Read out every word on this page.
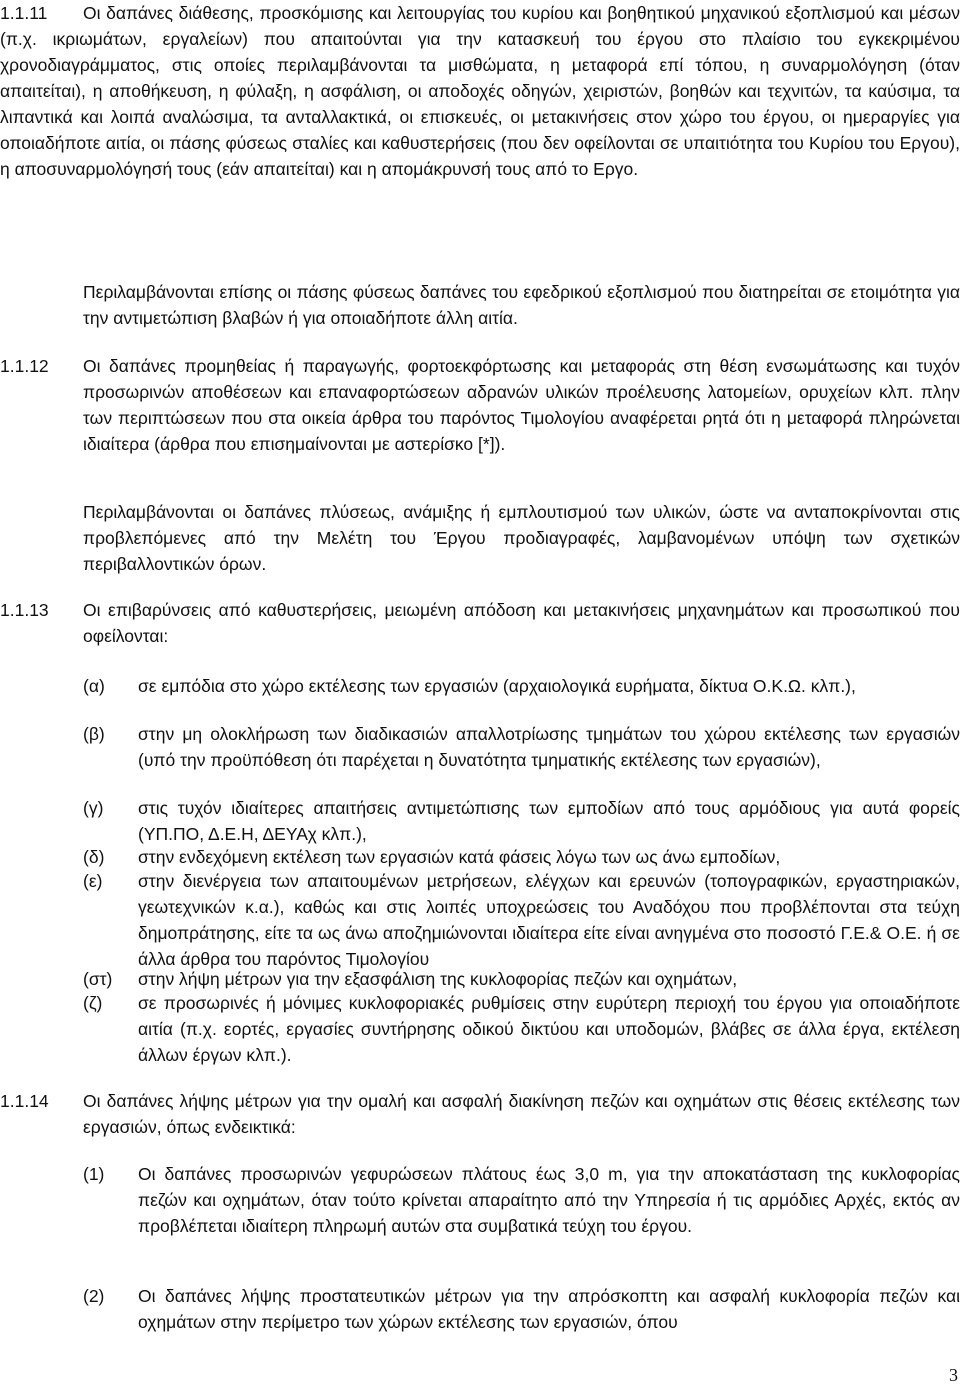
Οι δαπάνες διάθεσης, προσκόμισης και λειτουργίας του κυρίου και βοηθητικού μηχανικού εξοπλισμού και μέσων (π.χ. ικριωμάτων, εργαλείων) που απαιτούνται για την κατασκευή του έργου στο πλαίσιο του εγκεκριμένου χρονοδιαγράμματος, στις οποίες περιλαμβάνονται τα μισθώματα, η μεταφορά επί τόπου, η συναρμολόγηση (όταν απαιτείται), η αποθήκευση, η φύλαξη, η ασφάλιση, οι αποδοχές οδηγών, χειριστών, βοηθών και τεχνιτών, τα καύσιμα, τα λιπαντικά και λοιπά αναλώσιμα, τα ανταλλακτικά, οι επισκευές, οι μετακινήσεις στον χώρο του έργου, οι ημεραργίες για οποιαδήποτε αιτία, οι πάσης φύσεως σταλίες και καθυστερήσεις (που δεν οφείλονται σε υπαιτιότητα του Κυρίου του Εργου), η αποσυναρμολόγησή τους (εάν απαιτείται) και η απομάκρυνσή τους από το Εργο.
1.1.11
Περιλαμβάνονται επίσης οι πάσης φύσεως δαπάνες του εφεδρικού εξοπλισμού που διατηρείται σε ετοιμότητα για την αντιμετώπιση βλαβών ή για οποιαδήποτε άλλη αιτία.
1.1.12 Οι δαπάνες προμηθείας ή παραγωγής, φορτοεκφόρτωσης και μεταφοράς στη θέση ενσωμάτωσης και τυχόν προσωρινών αποθέσεων και επαναφορτώσεων αδρανών υλικών προέλευσης λατομείων, ορυχείων κλπ. πλην των περιπτώσεων που στα οικεία άρθρα του παρόντος Τιμολογίου αναφέρεται ρητά ότι η μεταφορά πληρώνεται ιδιαίτερα (άρθρα που επισημαίνονται με αστερίσκο [*]).
Περιλαμβάνονται οι δαπάνες πλύσεως, ανάμιξης ή εμπλουτισμού των υλικών, ώστε να ανταποκρίνονται στις προβλεπόμενες από την Μελέτη του Έργου προδιαγραφές, λαμβανομένων υπόψη των σχετικών περιβαλλοντικών όρων.
1.1.13 Οι επιβαρύνσεις από καθυστερήσεις, μειωμένη απόδοση και μετακινήσεις μηχανημάτων και προσωπικού που οφείλονται:
(α) σε εμπόδια στο χώρο εκτέλεσης των εργασιών (αρχαιολογικά ευρήματα, δίκτυα Ο.Κ.Ω. κλπ.),
(β) στην μη ολοκλήρωση των διαδικασιών απαλλοτρίωσης τμημάτων του χώρου εκτέλεσης των εργασιών (υπό την προϋπόθεση ότι παρέχεται η δυνατότητα τμηματικής εκτέλεσης των εργασιών),
(γ) στις τυχόν ιδιαίτερες απαιτήσεις αντιμετώπισης των εμποδίων από τους αρμόδιους για αυτά φορείς (ΥΠ.ΠΟ, Δ.Ε.Η, ΔΕΥΑχ κλπ.),
(δ) στην ενδεχόμενη εκτέλεση των εργασιών κατά φάσεις λόγω των ως άνω εμποδίων,
(ε) στην διενέργεια των απαιτουμένων μετρήσεων, ελέγχων και ερευνών (τοπογραφικών, εργαστηριακών, γεωτεχνικών κ.α.), καθώς και στις λοιπές υποχρεώσεις του Αναδόχου που προβλέπονται στα τεύχη δημοπράτησης, είτε τα ως άνω αποζημιώνονται ιδιαίτερα είτε είναι ανηγμένα στο ποσοστό Γ.Ε.& Ο.Ε. ή σε άλλα άρθρα του παρόντος Τιμολογίου
(στ) στην λήψη μέτρων για την εξασφάλιση της κυκλοφορίας πεζών και οχημάτων,
(ζ) σε προσωρινές ή μόνιμες κυκλοφοριακές ρυθμίσεις στην ευρύτερη περιοχή του έργου για οποιαδήποτε αιτία (π.χ. εορτές, εργασίες συντήρησης οδικού δικτύου και υποδομών, βλάβες σε άλλα έργα, εκτέλεση άλλων έργων κλπ.).
1.1.14 Οι δαπάνες λήψης μέτρων για την ομαλή και ασφαλή διακίνηση πεζών και οχημάτων στις θέσεις εκτέλεσης των εργασιών, όπως ενδεικτικά:
(1) Οι δαπάνες προσωρινών γεφυρώσεων πλάτους έως 3,0 m, για την αποκατάσταση της κυκλοφορίας πεζών και οχημάτων, όταν τούτο κρίνεται απαραίτητο από την Υπηρεσία ή τις αρμόδιες Αρχές, εκτός αν προβλέπεται ιδιαίτερη πληρωμή αυτών στα συμβατικά τεύχη του έργου.
(2) Οι δαπάνες λήψης προστατευτικών μέτρων για την απρόσκοπτη και ασφαλή κυκλοφορία πεζών και οχημάτων στην περίμετρο των χώρων εκτέλεσης των εργασιών, όπου
3
